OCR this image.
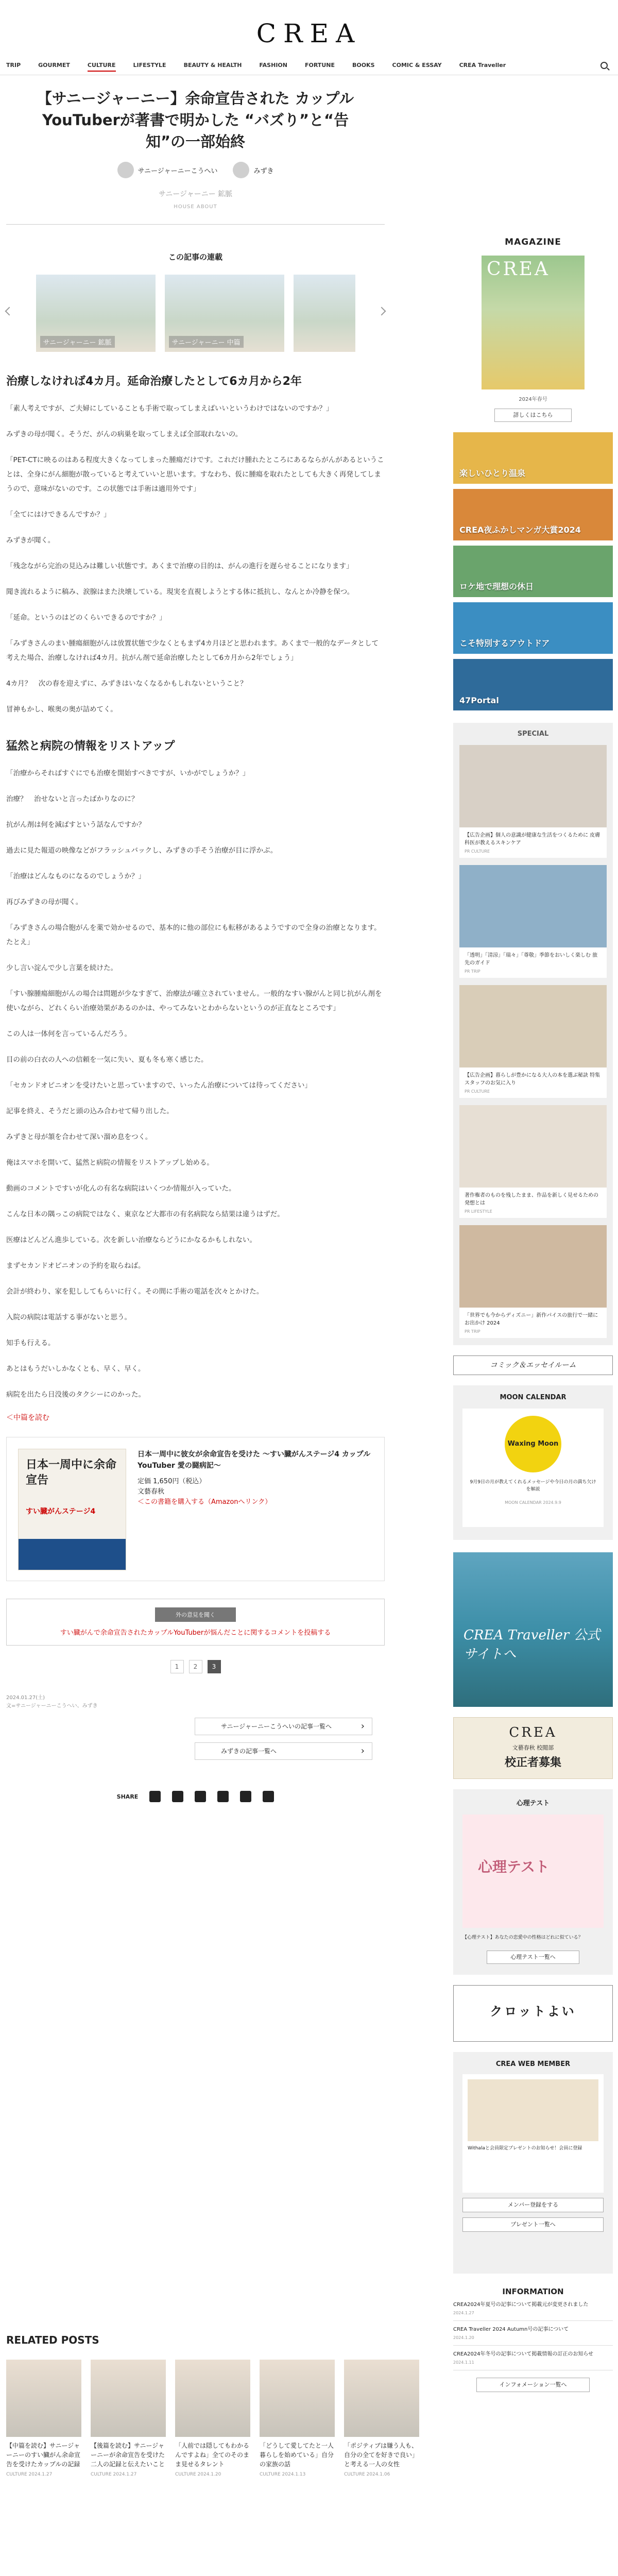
CREA
TRIP	GOURMET	CULTURE	LIFESTYLE	BEAUTY & HEALTH	FASHION	FORTUNE	BOOKS	COMIC & ESSAY	CREA Traveller
【サニージャーニー】余命宣告された カップルYouTuberが著書で明かした “バズり”と“告知”の一部始終
サニージャーニーこうへい	みずき
サニージャーニー 鉱脈
HOUSE ABOUT
この記事の連載
サニージャーニー 鉱脈	サニージャーニー 中篇
治療しなければ4カ月。延命治療したとして6カ月から2年

「素人考えですが、ご夫婦にしていることも手術で取ってしまえばいいというわけではないのですか？」

みずきの母が聞く。そうだ、がんの病巣を取ってしまえば全部取れないの。

「PET-CTに映るのはある程度大きくなってしまった腫瘍だけです。これだけ腫れたところにあるならがんがあるということは、全身にがん細胞が散っていると考えていいと思います。すなわち、仮に腫瘍を取れたとしても大きく再発してしまうので、意味がないのです。この状態では手術は適用外です」

「全てにはけできるんですか？」

みずきが聞く。

「残念ながら完治の見込みは難しい状態です。あくまで治療の目的は、がんの進行を遅らせることになります」

聞き流れるように稿み、涙腺はまた決壊している。現実を直視しようとする体に抵抗し、なんとか冷静を保つ。

「延命。というのはどのくらいできるのですか？」

「みずきさんのまい腫瘍細胞がんは放置状態で少なくともまず4カ月ほどと思われます。あくまで一般的なデータとして考えた場合、治療しなければ4カ月。抗がん剤で延命治療したとして6カ月から2年でしょう」

4カ月？　次の春を迎えずに、みずきはいなくなるかもしれないということ？

冒神もかし、喉奥の奥が詰めてく。

猛然と病院の情報をリストアップ

「治療からそればすぐにでも治療を開始すべきですが、いかがでしょうか？」

治療？　治せないと言ったばかりなのに？

抗がん剤は何を減ばすという話なんですか？

過去に見た報道の映像などがフラッシュバックし、みずきの手そう治療が目に浮かぶ。

「治療はどんなものになるのでしょうか？」

再びみずきの母が聞く。

「みずきさんの場合胞がんを薬で効かせるので、基本的に他の部位にも転移があるようですので全身の治療となります。たとえ」

少し言い淀んで少し言葉を続けた。

「すい腺腫瘍細胞がんの場合は問題が少なすぎて、治療法が確立されていません。一般的なすい腺がんと同じ抗がん剤を使いながら、どれくらい治療効果があるのかは、やってみないとわからないというのが正直なところです」

この人は一体何を言っているんだろう。

目の前の白衣の人への信頼を一気に失い、夏も冬も寒く感じた。

「セカンドオピニオンを受けたいと思っていますので、いったん治療については待ってください」

記事を終え、そうだと頭の込み合わせて帰り出した。

みずきと母が頷を合わせて深い溜め息をつく。

俺はスマホを開いて、猛然と病院の情報をリストアップし始める。

動画のコメントですいが化んの有名な病院はいくつか情報が入っていた。

こんな日本の隅っこの病院ではなく、東京など大都市の有名病院なら結果は違うはずだ。

医療はどんどん進歩している。次を新しい治療ならどうにかなるかもしれない。

まずセカンドオピニオンの予約を取らねば。

会計が終わり、家を犯ししてもらいに行く。その間に手術の電話を次々とかけた。

入院の病院は電話する事がないと思う。

知手も行える。

あとはもうだいしかなくとも、早く、早く。

病院を出たら日没後のタクシーにのかった。

＜中篇を読む
日本一周中に余命宣告
すい臓がんステージ4
日本一周中に彼女が余命宣告を受けた ～すい臓がんステージ4 カップルYouTuber 愛の闘病記～
定価 1,650円（税込）
文藝春秋
＜この書籍を購入する（Amazonへリンク）
外の意見を聞く
すい臓がんで余命宣告されたカップルYouTuberが悩んだことに関するコメントを投稿する
1	2	3
2024.01.27(土)
文=サニージャーニーこうへい、みずき
サニージャーニーこうへいの記事一覧へ ›
みずきの記事一覧へ ›
SHARE
RELATED POSTS
【中篇を読む】サニージャーニーのすい臓がん余命宣告を受けたカップルの記録
CULTURE 2024.1.27
【後篇を読む】サニージャーニーが余命宣告を受けた二人の記録と伝えたいこと
CULTURE 2024.1.27
「人前では隠してもわかるんですよね」全てのそのまま見せるタレント
CULTURE 2024.1.20
「どうして愛してたと一人暮らしを始めている」自分の家族の話
CULTURE 2024.1.13
「ポジティブは嫌う人も、自分の全てを好きで良い」と考える一人の女性
CULTURE 2024.1.06
MAGAZINE
CREA
2024年春号
詳しくはこちら
楽しいひとり温泉
CREA夜ふかしマンガ大賞2024
ロケ地で理想の休日
こそ特別するアウトドア
47Portal
SPECIAL
【広告企画】個人の意識が健康な生活をつくるために 皮膚科医が教えるスキンケア
PR CULTURE
「透明」「清涼」「瑞々」「尊敬」季節をおいしく楽しむ 旅先のガイド
PR TRIP
【広告企画】暮らしが豊かになる大人の本を選ぶ秘訣 特集スタッフのお気に入り
PR CULTURE
著作権者のものを残したまま、作品を新しく見せるための発想とは
PR LIFESTYLE
「世界でも今からディズニー」新作パイスの旅行で一緒にお出かけ 2024
PR TRIP
コミック＆エッセイルーム
MOON CALENDAR
Waxing Moon
9月9日の月が教えてくれるメッセージや今日の月の満ち欠けを解説
MOON CALENDAR 2024.9.9
CREA Traveller 公式サイトへ
CREA
文藝春秋 校閲部
校正者募集
心理テスト
心理テスト
【心理テスト】あなたの恋愛中の性格はどれに似ている？
心理テスト一覧へ
クロットよい
CREA WEB MEMBER
Withalaと会員限定プレゼントのお知らせ！会員に登録
メンバー登録をする
プレゼント一覧へ
INFORMATION
CREA2024年夏号の記事について掲載元が変更されました
2024.1.27
CREA Traveller 2024 Autumn号の記事について
2024.1.20
CREA2024年冬号の記事について掲載情報の訂正のお知らせ
2024.1.11
インフォメーション一覧へ
